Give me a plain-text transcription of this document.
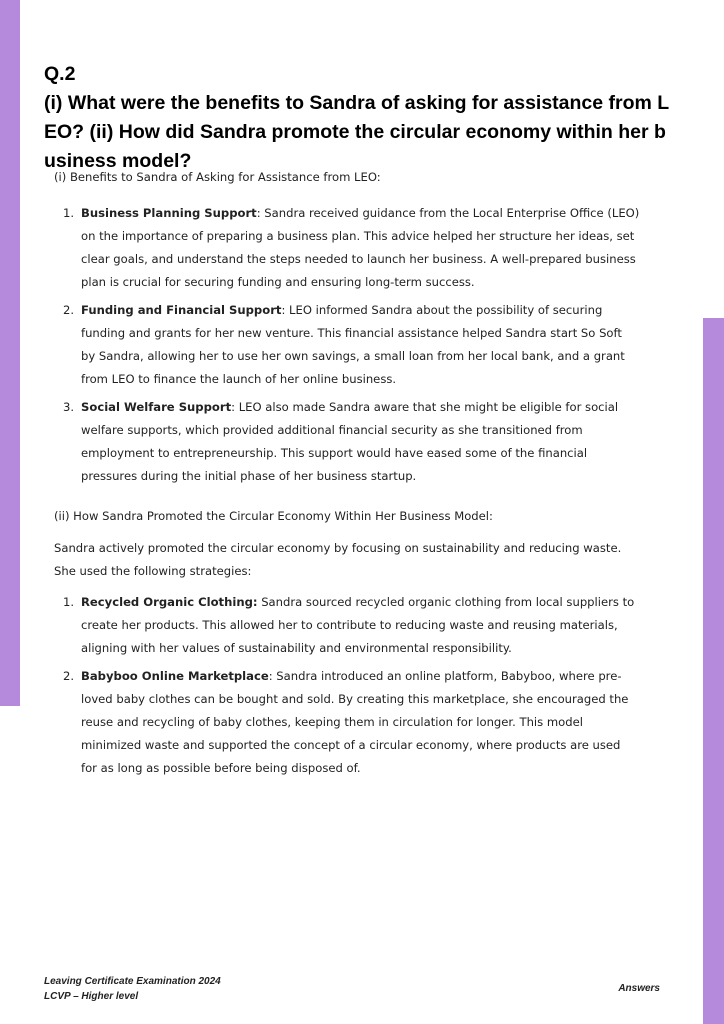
Q.2
(i) What were the benefits to Sandra of asking for assistance from L
EO? (ii) How did Sandra promote the circular economy within her b
usiness model?

(i) Benefits to Sandra of Asking for Assistance from LEO:

1. Business Planning Support: Sandra received guidance from the Local Enterprise Office (LEO)
on the importance of preparing a business plan. This advice helped her structure her ideas, set
clear goals, and understand the steps needed to launch her business. A well-prepared business
plan is crucial for securing funding and ensuring long-term success.
2. Funding and Financial Support: LEO informed Sandra about the possibility of securing
funding and grants for her new venture. This financial assistance helped Sandra start So Soft
by Sandra, allowing her to use her own savings, a small loan from her local bank, and a grant
from LEO to finance the launch of her online business.
3. Social Welfare Support: LEO also made Sandra aware that she might be eligible for social
welfare supports, which provided additional financial security as she transitioned from
employment to entrepreneurship. This support would have eased some of the financial
pressures during the initial phase of her business startup.

(ii) How Sandra Promoted the Circular Economy Within Her Business Model:

Sandra actively promoted the circular economy by focusing on sustainability and reducing waste.
She used the following strategies:
1. Recycled Organic Clothing: Sandra sourced recycled organic clothing from local suppliers to
create her products. This allowed her to contribute to reducing waste and reusing materials,
aligning with her values of sustainability and environmental responsibility.
2. Babyboo Online Marketplace: Sandra introduced an online platform, Babyboo, where pre-
loved baby clothes can be bought and sold. By creating this marketplace, she encouraged the
reuse and recycling of baby clothes, keeping them in circulation for longer. This model
minimized waste and supported the concept of a circular economy, where products are used
for as long as possible before being disposed of.
Leaving Certificate Examination 2024
LCVP – Higher level
Answers
